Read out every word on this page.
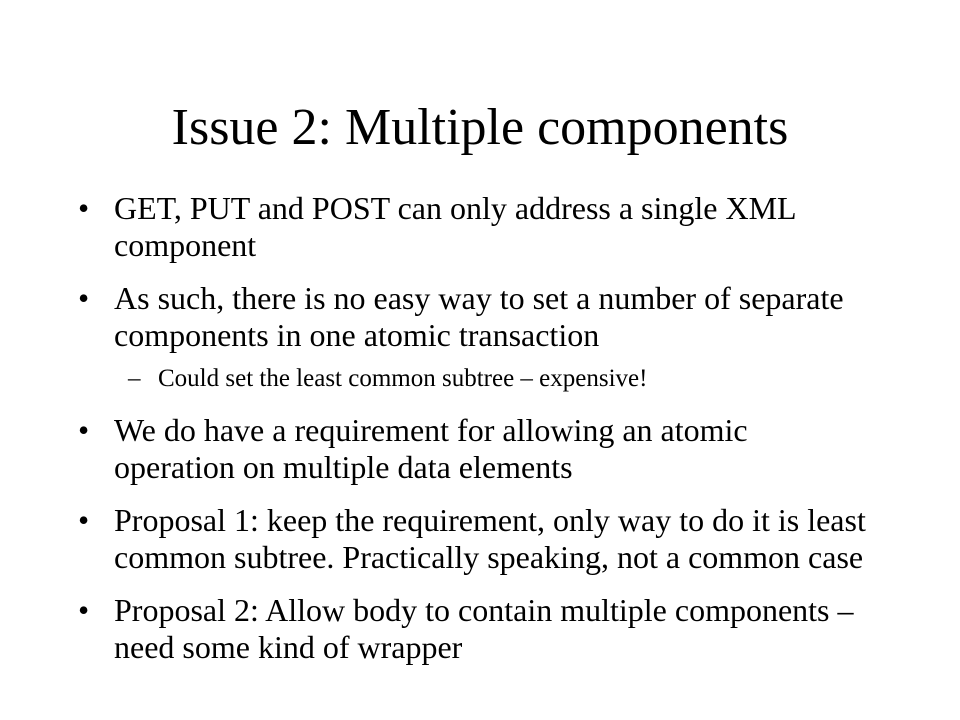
Issue 2: Multiple components
• GET, PUT and POST can only address a single XML component
• As such, there is no easy way to set a number of separate components in one atomic transaction
– Could set the least common subtree – expensive!
• We do have a requirement for allowing an atomic operation on multiple data elements
• Proposal 1: keep the requirement, only way to do it is least common subtree. Practically speaking, not a common case
• Proposal 2: Allow body to contain multiple components – need some kind of wrapper
